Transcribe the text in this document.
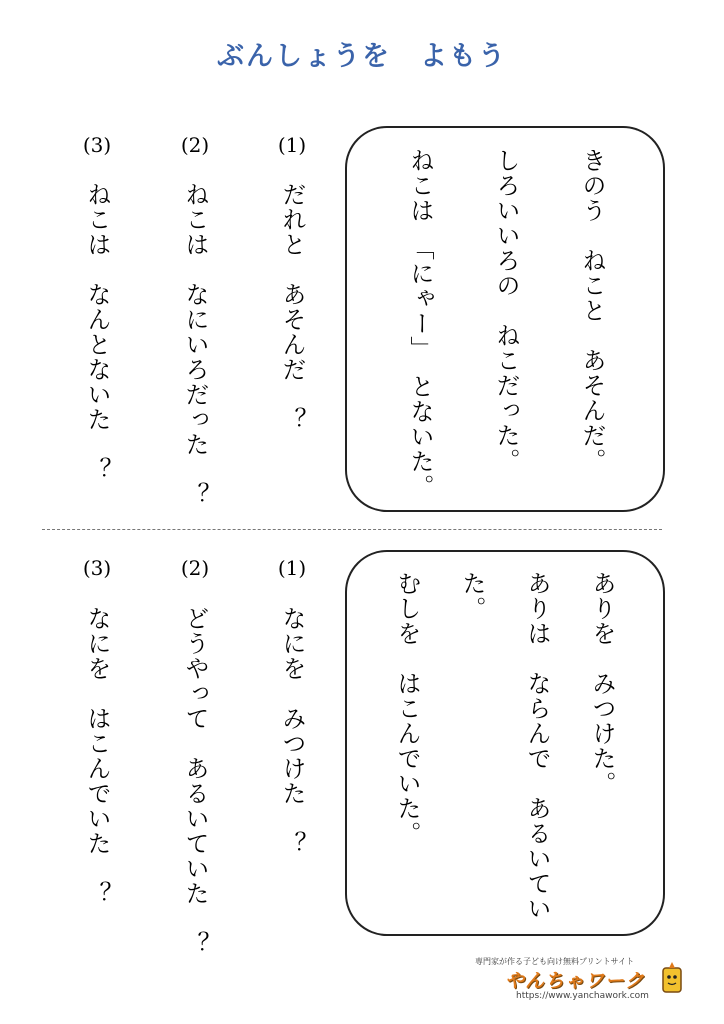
ぶんしょうを　よもう
きのう　ねこと　あそんだ。
しろいいろの　ねこだった。
ねこは　「にゃー」　とないた。
(1)
だれと　あそんだ　？
(2)
ねこは　なにいろだった　？
(3)
ねこは　なんとないた　？
ありを　みつけた。
ありは　ならんで　あるいてい
た。
むしを　はこんでいた。
(1)
なにを　みつけた　？
(2)
どうやって　あるいていた　？
(3)
なにを　はこんでいた　？
専門家が作る子ども向け無料プリントサイト
やんちゃワーク
https://www.yanchawork.com
